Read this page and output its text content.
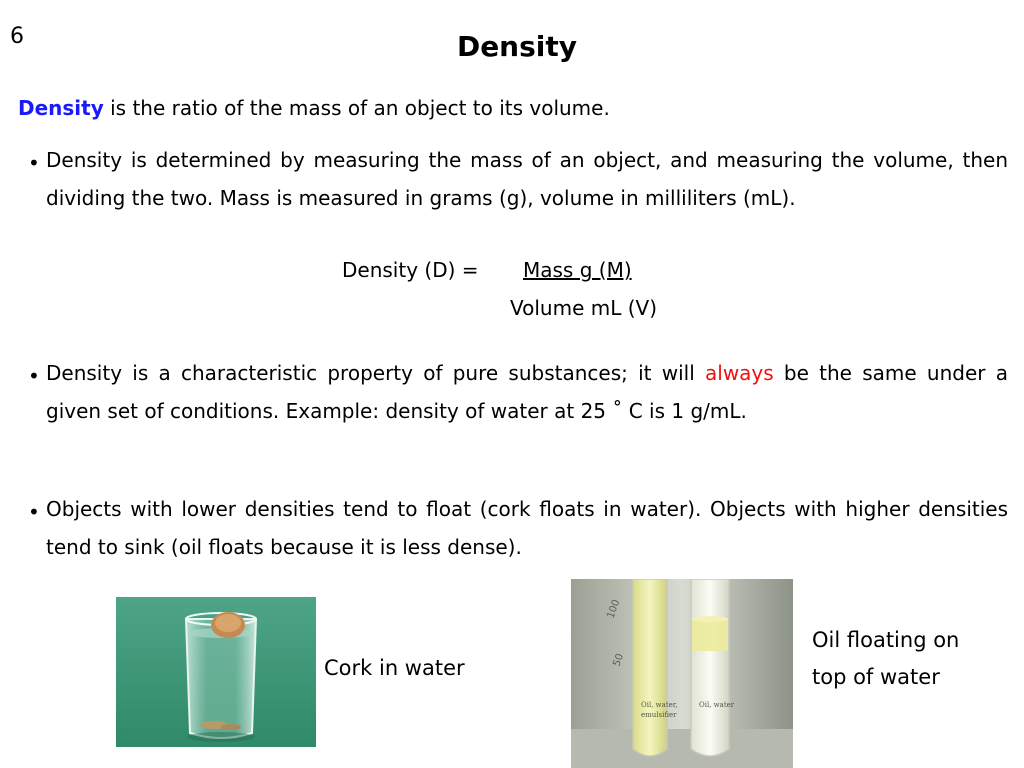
6	Density
Density is the ratio of the mass of an object to its volume.
• Density is determined by measuring the mass of an object, and measuring the volume, then dividing the two. Mass is measured in grams (g), volume in milliliters (mL).
Density (D) = Mass g (M)
Volume mL (V)
• Density is a characteristic property of pure substances; it will always be the same under a given set of conditions. Example: density of water at 25 ˚ C is 1 g/mL.
• Objects with lower densities tend to float (cork floats in water). Objects with higher densities tend to sink (oil floats because it is less dense).
Cork in water
100
50
Oil, water,
emulsifier
Oil, water
Oil floating on
top of water
